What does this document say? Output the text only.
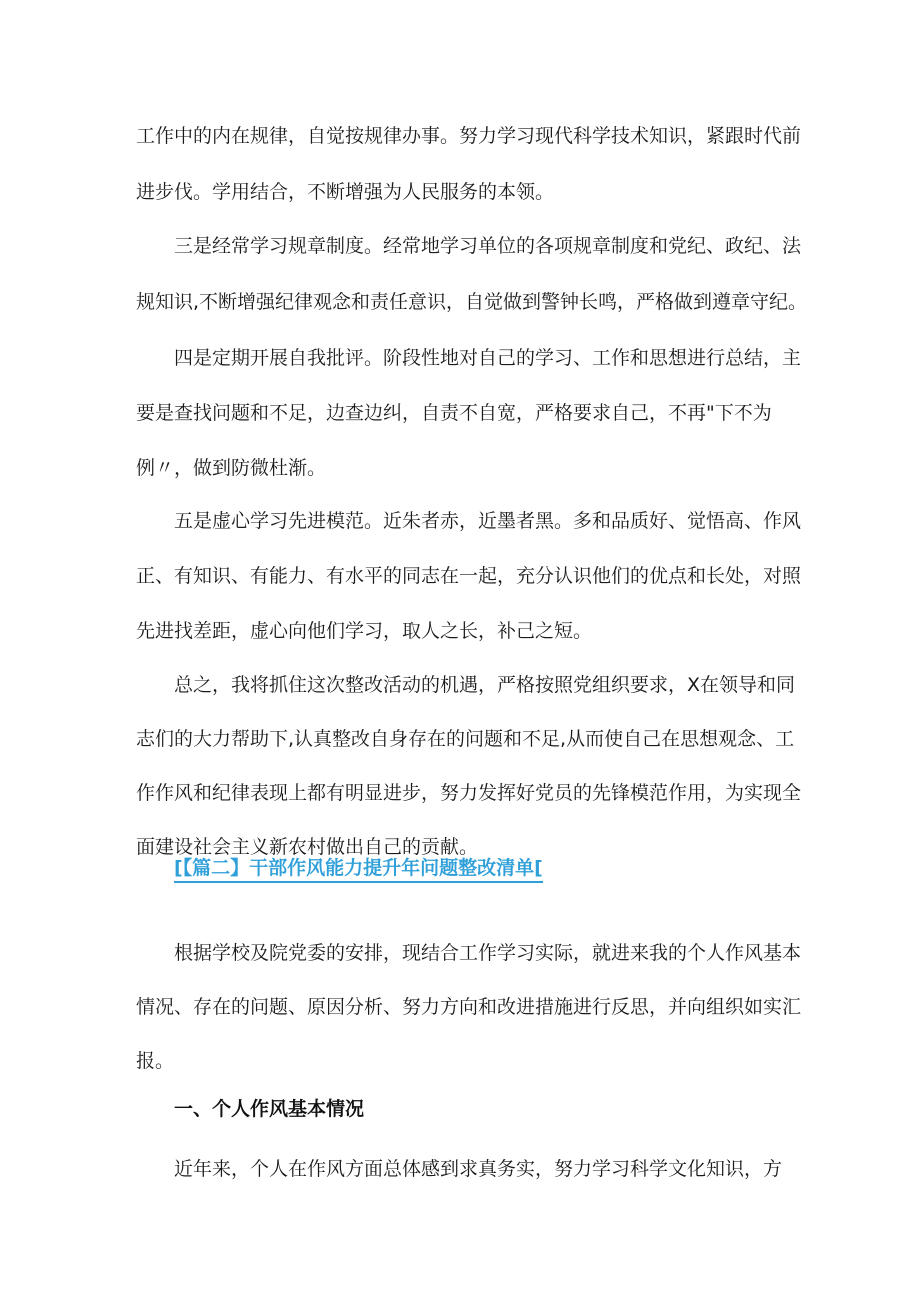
工作中的内在规律，自觉按规律办事。努力学习现代科学技术知识，紧跟时代前
进步伐。学用结合，不断增强为人民服务的本领。
三是经常学习规章制度。经常地学习单位的各项规章制度和党纪、政纪、法
规知识,不断增强纪律观念和责任意识，自觉做到警钟长鸣，严格做到遵章守纪。
四是定期开展自我批评。阶段性地对自己的学习、工作和思想进行总结，主
要是查找问题和不足，边查边纠，自责不自宽，严格要求自己，不再"下不为
例〃，做到防微杜渐。
五是虚心学习先进模范。近朱者赤，近墨者黑。多和品质好、觉悟高、作风
正、有知识、有能力、有水平的同志在一起，充分认识他们的优点和长处，对照
先进找差距，虚心向他们学习，取人之长，补己之短。
总之，我将抓住这次整改活动的机遇，严格按照党组织要求，X在领导和同
志们的大力帮助下,认真整改自身存在的问题和不足,从而使自己在思想观念、工
作作风和纪律表现上都有明显进步，努力发挥好党员的先锋模范作用，为实现全
面建设社会主义新农村做出自己的贡献。
[【篇二】干部作风能力提升年问题整改清单[
根据学校及院党委的安排，现结合工作学习实际，就进来我的个人作风基本
情况、存在的问题、原因分析、努力方向和改进措施进行反思，并向组织如实汇
报。
一、个人作风基本情况
近年来，个人在作风方面总体感到求真务实，努力学习科学文化知识，方
